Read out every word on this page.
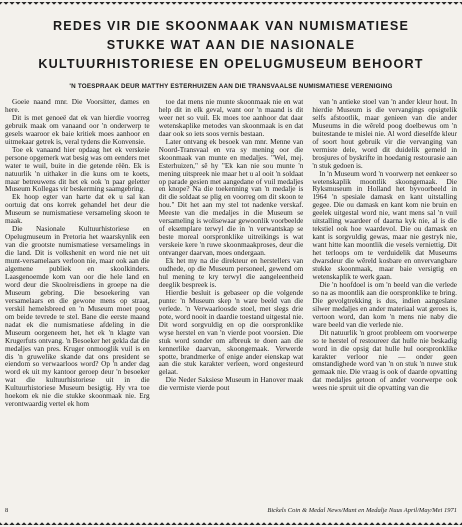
REDES VIR DIE SKOONMAAK VAN NUMISMATIESE
STUKKE WAT AAN DIE NASIONALE
KULTUURHISTORIESE EN OPELUGMUSEUM BEHOORT
'N TOESPRAAK DEUR MATTHY ESTERHUIZEN AAN DIE TRANSVAALSE NUMISMATIESE VERENIGING

Goeie naand mnr. Die Voorsitter, dames en here.

Dit is met genoeë dat ek van hierdie voorreg gebruik maak om vanaand oor 'n onderwerp te gesels waaroor ek baie kritiek moes aanhoor en uitmekaar getrek is, veral tydens die Konvensie.

Toe ek vanaand hier opdaag het ek verskeie persone opgemerk wat besig was om eenders met water te wuil, buite in die getende rëën. Ek is natuurlik 'n uithaker in die kuns om te koets, maar betreuwens dit het ek ook 'n paar geletter Museum Kollegas vir beskerming saamgebring.

Ek hoop egter van harte dat ek u sal kan oortuig dat ons korrek gehandel het deur die Museum se numismatiese versameling skoon te maak.

Die Nasionale Kultuurhistoriese en Opelugmuseum in Pretoria het waarskynlik een van die grootste numismatiese versamelings in die land. Dit is volkshenit en word nie net uit munt-versamelaars verloon nie, maar ook aan die algemene publiek en skoolkinders. Laasgenoemde kom van oor die hele land en word deur die Skoolreisdiens in groepe na die Museum gebring. Die besoekering van versamelaars en die gewone mens op straat, verskil hemelsbreed en 'n Museum moet poog om beide tevrede te stel. Bane die eerste maand nadat ek die numismatiese afdeling in die Museum oorgeneem het, het ek 'n klagte van Krugerfuts ontvang. 'n Besoeker het gekla dat die medaljes van pres. Kruger onmooglik vuil is en dis 'n gruwelike skande dat ons president se eiendom so verwaarloos word? Op 'n ander dag word ek uit my kantoor geroep deur 'n besoeker wat die kultuurhistoriese uit in die Kultuurhistoriese Museum besigtig. Hy vra toe hoekom ek nie die stukke skoonmaak nie. Erg verontwaardig vertel ek hom

toe dat mens nie munte skoonmaak nie en wat help dit in elk geval, want oor 'n maand is dit weer net so vuil. Ek moes toe aanhoor dat daar wetenskaplike metodes van skoonmaak is en dat daar ook so iets soos vernis bestaan.

Later ontvang ek besoek van mnr. Menne van Noord-Transvaal en vra sy mening oor die skoonmaak van munte en medaljes. "Wel, mej. Esterhuizen," sê hy "Ek kan nie sou munte 'n mening uitspreek nie maar het u al ooit 'n soldaat op parade gesien met aangedane of vuil medaljes en knope? Na die toekenning van 'n medalje is dit die soldaat se plig en voorreg om dit skoon te hou." Dit het aan my stel tot nadenke verskaf. Meeste van die medaljes in die Museum se versameling is wolisewaar gewoonlik voorbeelde of eksemplare terwyl die in 'n verwantskap se beste moreal oorspronklike uitreikings is wat verskeie kere 'n ruwe skoonmaakproses, deur die ontvanger daarvan, moes ondergaan.

Ek het my na die direkteur en herstellers van oudhede, op die Museum personeel, gewend om hul mening te kry terwyl die aangeleentheid deeglik bespreek is.

Hierdie besluit is gebaseer op die volgende punte: 'n Museum skep 'n ware beeld van die verlede. 'n Verwaarloosde stoel, met slegs drie pote, word nooit in daardie toestand uitgestal nie. Dit word sorgvuldig en op die oorspronklike wyse herstel en van 'n vierde poot voorsien. Die stuk word sonder om afbreuk te doen aan die kennerlike daarvan, skoongemaak. Verwerde spotte, brandmerke of enige ander eienskap wat aan die stuk karakter verleen, word ongesteurd gelaat.

Die Neder Saksiese Museum in Hanover maak die vermiste vierde pout

van 'n antieke stoel van 'n ander kleur hout. In hierdie Museum is die vervangings opsigtelik selfs afstootlik, maar genieen van die ander Museums in die wêreld poog doelbewus om 'n buitestande te mislei nie. Al word dieselfde kleur of soort hout gebruik vir die vervanging van vermiste dele, word dit duidelik gemeld in brosjures of byskrifte in hoedanig restourasie aan 'n stuk gedoen is.

In 'n Museum word 'n voorwerp net eenkeer so wetenskaplik moontlik skoongemaak. Die Ryksmuseum in Holland het byvoorbeeld in 1964 'n spesiale damask en kant uitstalling gegee. Die ou damask en kant kom nie bruin en geelek uitgestal word nie, want mens sal 'n vuil uitstalling waardeer of daarna kyk nie, al is die tekstiel ook hoe waardevol. Die ou damask en kant is sorgvuldig gewas, maar nie gestryk nie, want hitte kan moontlik die vesels verniettig. Dit het terloops om te verduidelik dat Museums dwarsdeur die wêreld kosbare en onvervangbare stukke skoonmaak, maar baie versigtig en wetenskaplik te werk gaan.

Die 'n hoofdoel is om 'n beeld van die verlede so na as moontlik aan die oorspronklike te bring. Die gevolgtrekking is dus, indien aangeslane silwer medaljes en ander materiaal wat geroes is, vertoon word, dan kom 'n mens nie naby die ware beeld van die verlede nie.

Dit natuurlik 'n groot probleem om voorwerpe so te herstel of restoureer dat hulle nie beskadig word in die opsig dat hulle hul oorspronklike karakter verloor nie — onder geen omstandighede word van 'n on stuk 'n nuwe stuk gemaak nie. Die vraag is ook of daarde opvatting dat medaljes getoon of ander voorwerpe ook wees nie spruit uit die opvatting van die

8	Bickels Coin & Medal News/Munt en Medalje Nuus April/May/Mei 1971
